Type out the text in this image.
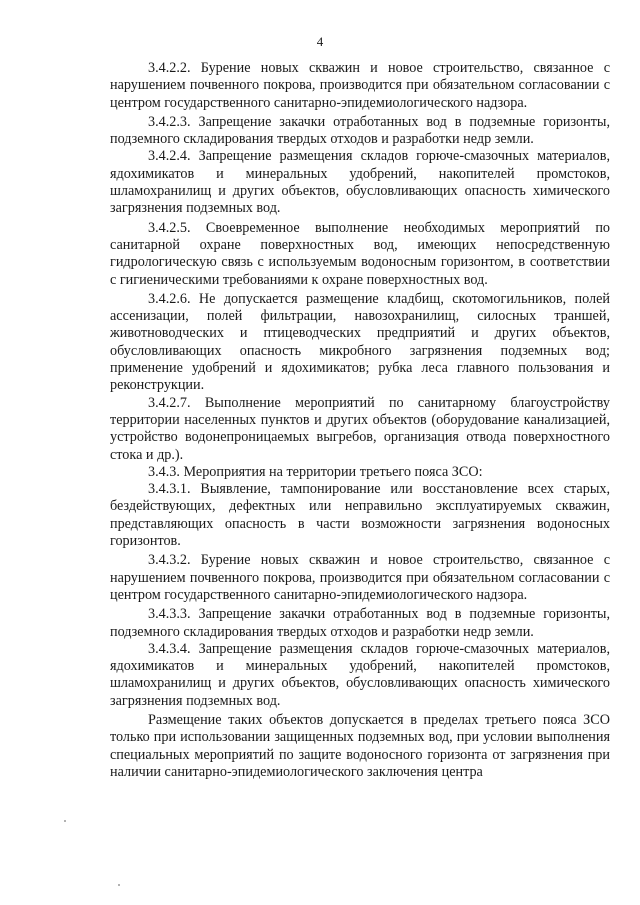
4

3.4.2.2. Бурение новых скважин и новое строительство, связанное с нарушением почвенного покрова, производится при обязательном согласовании с центром государственного санитарно-эпидемиологического надзора.

3.4.2.3. Запрещение закачки отработанных вод в подземные горизонты, подземного складирования твердых отходов и разработки недр земли.

3.4.2.4. Запрещение размещения складов горюче-смазочных материалов, ядохимикатов и минеральных удобрений, накопителей промстоков, шламохранилищ и других объектов, обусловливающих опасность химического загрязнения подземных вод.

3.4.2.5. Своевременное выполнение необходимых мероприятий по санитарной охране поверхностных вод, имеющих непосредственную гидрологическую связь с используемым водоносным горизонтом, в соответствии с гигиеническими требованиями к охране поверхностных вод.

3.4.2.6. Не допускается размещение кладбищ, скотомогильников, полей ассенизации, полей фильтрации, навозохранилищ, силосных траншей, животноводческих и птицеводческих предприятий и других объектов, обусловливающих опасность микробного загрязнения подземных вод; применение удобрений и ядохимикатов; рубка леса главного пользования и реконструкции.

3.4.2.7. Выполнение мероприятий по санитарному благоустройству территории населенных пунктов и других объектов (оборудование канализацией, устройство водонепроницаемых выгребов, организация отвода поверхностного стока и др.).

3.4.3. Мероприятия на территории третьего пояса ЗСО:

3.4.3.1. Выявление, тампонирование или восстановление всех старых, бездействующих, дефектных или неправильно эксплуатируемых скважин, представляющих опасность в части возможности загрязнения водоносных горизонтов.

3.4.3.2. Бурение новых скважин и новое строительство, связанное с нарушением почвенного покрова, производится при обязательном согласовании с центром государственного санитарно-эпидемиологического надзора.

3.4.3.3. Запрещение закачки отработанных вод в подземные горизонты, подземного складирования твердых отходов и разработки недр земли.

3.4.3.4. Запрещение размещения складов горюче-смазочных материалов, ядохимикатов и минеральных удобрений, накопителей промстоков, шламохранилищ и других объектов, обусловливающих опасность химического загрязнения подземных вод.

Размещение таких объектов допускается в пределах третьего пояса ЗСО только при использовании защищенных подземных вод, при условии выполнения специальных мероприятий по защите водоносного горизонта от загрязнения при наличии санитарно-эпидемиологического заключения центра
